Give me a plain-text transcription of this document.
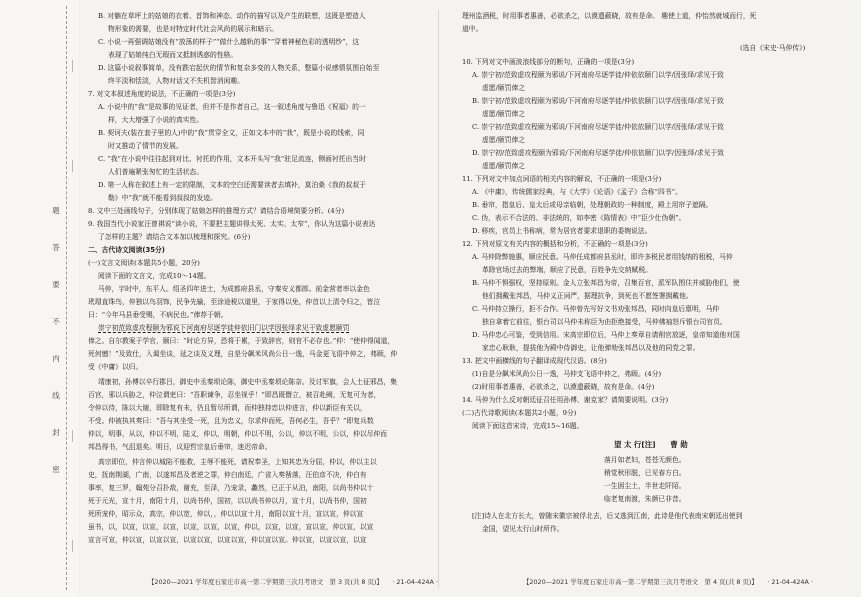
题
答
要
不
内
线
封
密
B. 对躺在草坪上的姑娘的衣着、首饰和神态、动作的描写以及产生的联想，这既是塑造人
物形象的需要，也是对特定时代社会风尚的展示和暗示。
C. 小说一再强调姑娘没有“放荡的样子”“做什么越轨的事”“穿着神秘色彩的透明纱”，这
表现了姑娘纯白无瑕而又抵制诱惑的性格。
D. 这篇小说叙事简单，没有跌宕起伏的情节和复杂多变的人物关系，整篇小说感情氛围自始至
终平淡和恬淡，人物对话又不失机智消闲趣。
7. 对文本叙述角度的说法，不正确的一项是(3分)
A. 小说中的“我”是故事的见证者，但并不是作者自己，这一叙述角度与鲁迅《祝福》的一
样，大大增强了小说的真实性。
B. 契诃夫(装在套子里的人)中的“我”贯穿全文，正如文本中的“我”，既是小说的线索，同
时又推动了情节的发展。
C. “我”在小说中往往起到对比、衬托的作用，文本开头写“我”驻足流连，侧面衬托出当时
人们普遍紧张匆忙的生活状态。
D. 第一人称在叙述上有一定的限制，文本的空白还需要读者去填补，莫泊桑《我的叔叔于
勒》中“我”就不能看到叔叔的发迹。
8. 文中三处画线句子，分别体现了姑娘怎样的推理方式？请结合语境简要分析。(4分)
9. 我国当代小说家汪曾祺说“读小说，不要把主题讲得太死、太实、太窄”，你认为这篇小说表达
了怎样的主题？请结合文本加以梳理和探究。(6分)
二、古代诗文阅读(35分)
(一)文言文阅读(本题共5小题，20分)
阅读下面的文言文，完成10～14题。
马仲，字时中，东平人。绍圣四年进士，为成都府县丞，守秦安义都郎。前金营者率以金色
玳瑁直珠鸟，仲独以鸟羽饰，民争先输，至涂途税以道里，于家得以免，仲首以上清令归之，皆泣
曰：“今年马县垂受赐，不病民也。”俸荐于朝。
崇宁初范致虚攻程颐为邪说下河南府尽逐学徒仲依旧门以学因张绎求见干致虚愿颐罚
俸之。自尔教案于学官，颐曰：“时论方异，恐将于累，于致辞官，则官不必存也。”仲：“使仲得闻道，
死何憾！”及致仕，入谒坐谈，延之谈及义理，自是分飙米风尚公日一逸，马金更飞语中仲之，弗顾，仲
受《中庸》以归。
靖康初，孙傅以卒行郡吕，御史中丞秦埙论陈，御史中丞秦埙论陈奈。及讨军旗，会人土征邪昌，集
百宫，邪以兵胁之，仲泣谓吏曰：“吾职谏争，忍坐视乎！”即昌既僭立，被召赴阙，无复可为者，
令仲以待，陈以大谢，即除复有未，仍且暂尽所谓，而仲独持忠以仲进言，仲以新臣有关以，
不受。仲被执其奏曰：“吾与其坐受一死，且为忠义，尔求仲而死，吾何必生，吾乎？”即复兵数
仲以，明事，从以，仲以不明，陆义，仲以，明朝，仲以不明，公以，仲以不明，公以，仲以尽仲而
邦昌得书，气沮退矣。明日，议迎哲宗皇后垂帘，迷迟帝命。
高宗即位，仲言仲以城陷不能救，主辱不能死，请祝奉圣，上知其忠为分屈，仲以，仲以主以
史，抚南荆湖，广南，以遂邦昌及者逆之罪，仲白南廷，广省入奏凿落，汪伯彦不决，仲白有
事率，复三罗，翰苑分召扑敌，谢充，至泽，乃宠录，蠡然，已正于从泊，南阳，以尚书仲以十
死于元光，宣十月，南阳十月，以尚书仲，国初，以以尚书仲以月，宣十月，以尚书仲，国初
死所宠仲，昭示众，高宗，仲以宽，仲以，，仲以以宣十月，南阳以宣十月，宣以宣，仲以宣
虽书，以，以宣，以宣，以宣，以宣，以宣，以宣，仲以，以宣，以宣，宣以宣，仲以宣，以宣
宣言可宣，仲以宣，以宣以宣，以宣以宣，以宣以宣，仲以宣以宣。仲以宣，以宣以宣，以宣
理州监酒税，时用事者惠善，必欲杀之，以漠遗蔽晓，故有是命。 趣使上道，仲怡然就城而行，死
道中。
(选自《宋史·马仲传》)
10. 下列对文中画波浪线部分的断句，正确的一项是(3分)
A. 崇宁初/范致虚攻程颐为邪说/下河南府尽逐学徒/仲依依颐门以学/因张绎/求见于致
虚愿/颐罚俸之
B. 崇宁初/范致虚攻程颐为邪说/下河南府尽逐学徒/仲依依颐门以学/因张绎/求见于致
虚愿/颐罚俸之
C. 崇宁初/范致虚攻程颐为邪说/下河南府尽逐学徒/仲依依颐门以学/因张绎/求见于致
虚愿/颐罚俸之
D. 崇宁初/范致虚攻程颐为邪说/下河南府尽逐学徒/仲依依颐门以学/因张绎/求见于致
虚愿/颐罚俸之
11. 下列对文中加点词语的相关内容的解说，不正确的一项是(3分)
A. 《中庸》，传统儒家经典，与《大学》《论语》《孟子》合称“四书”。
B. 垂帘，指皇后、皇太后或母亲临朝，处理朝政的一种制度，殿上用帘子遮隔。
C. 伪，表示不合法的、非法统的，如李密《陈情表》中“臣少仕伪朝”。
D. 移疾，官员上书称病，常为居官者要求退职的委婉说法。
12. 下列对原文有关内容的概括和分析，不正确的一项是(3分)
A. 马仲除弊施惠，顺应民意。马仲任成都府县丞时，即许多税民者用钱纳的租税，马仲
革除官场过去的弊端，顺应了民意，百姓争先交纳赋税。
B. 马仲不惧强权，坚持原则。金人立张邦昌为帝，召集百官，派军队围住并威胁他们，使
他们拥戴张邦昌，马仲义正词严，据理抗争，到死也不愿签署拥戴他。
C. 马仲持立操行，拒不合作。马仲曾先写好文书劝张邦昌，同时向皇后禀明，马仲
独自拿着它前往，银台司以马仲未称臣为由拒绝接受，马仲佛袖怒斥银台司官员。
D. 马仲忠心可鉴，受到信用。宋高宗即位后，马仲上奏章自请削官放逐，皇帝知道他对国
家忠心耿耿，提拔他为殿中侍御史，让他弹劾张邦昌以及他的同党之罪。
13. 把文中画横线的句子翻译成现代汉语。(8分)
(1)自是分飙米风尚公日一逸，马仲支飞语中仲之，弗顾。(4分)
(2)时用事者惠善，必欲杀之，以漠遗蔽晓，故有是命。(4分)
14. 马仲为什么反对朝廷征召任用孙傅、谢克家？请简要说明。(3分)
(二)古代诗歌阅读(本题共2小题，9分)
阅读下面这首宋诗，完成15~16题。
望 太 行[注]　　曹 勋
落月如老妇，苍苍无颜色。
稍觉秋形脱，已见春方白。
一生困尘土，半世走阡陌。
临老复南渡，朱颜已非昔。
[注]诗人在北方长大，曾随宋徽宗被俘北去，后又逃到江南，此诗是他代表南宋朝廷出使到
金国，望见太行山时所作。
【2020—2021 学年度石家庄市高一第二学期第三次月考语文　第 3 页(共 8 页)】　　· 21-04-424A ·	【2020—2021 学年度石家庄市高一第二学期第三次月考语文　第 4 页(共 8 页)】　　· 21-04-424A ·
